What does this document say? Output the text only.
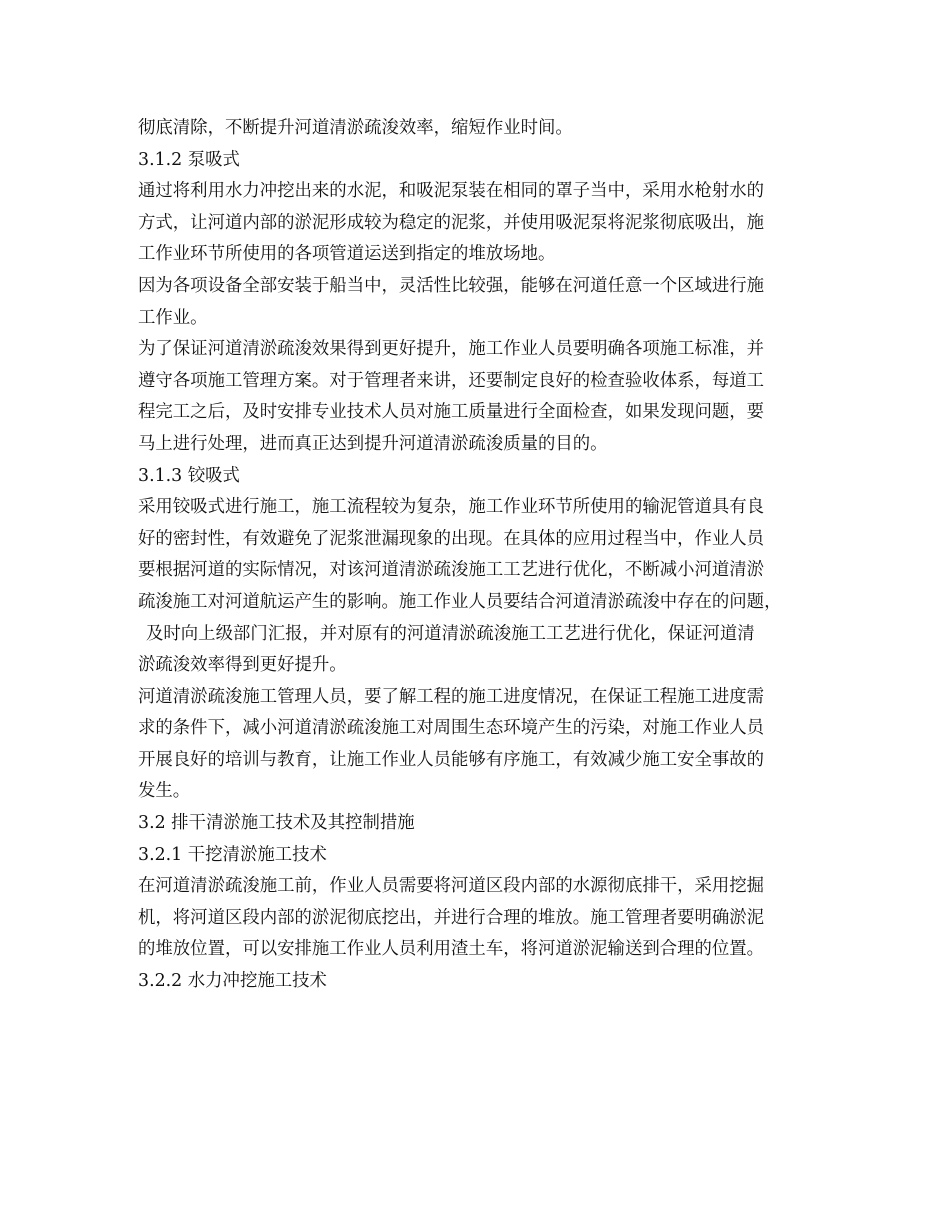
彻底清除，不断提升河道清淤疏浚效率，缩短作业时间。
3.1.2 泵吸式
通过将利用水力冲挖出来的水泥，和吸泥泵装在相同的罩子当中，采用水枪射水的
方式，让河道内部的淤泥形成较为稳定的泥浆，并使用吸泥泵将泥浆彻底吸出，施
工作业环节所使用的各项管道运送到指定的堆放场地。
因为各项设备全部安装于船当中，灵活性比较强，能够在河道任意一个区域进行施
工作业。
为了保证河道清淤疏浚效果得到更好提升，施工作业人员要明确各项施工标准，并
遵守各项施工管理方案。对于管理者来讲，还要制定良好的检查验收体系，每道工
程完工之后，及时安排专业技术人员对施工质量进行全面检查，如果发现问题，要
马上进行处理，进而真正达到提升河道清淤疏浚质量的目的。
3.1.3 铰吸式
采用铰吸式进行施工，施工流程较为复杂，施工作业环节所使用的输泥管道具有良
好的密封性，有效避免了泥浆泄漏现象的出现。在具体的应用过程当中，作业人员
要根据河道的实际情况，对该河道清淤疏浚施工工艺进行优化，不断减小河道清淤
疏浚施工对河道航运产生的影响。施工作业人员要结合河道清淤疏浚中存在的问题，
及时向上级部门汇报，并对原有的河道清淤疏浚施工工艺进行优化，保证河道清
淤疏浚效率得到更好提升。
河道清淤疏浚施工管理人员，要了解工程的施工进度情况，在保证工程施工进度需
求的条件下，减小河道清淤疏浚施工对周围生态环境产生的污染，对施工作业人员
开展良好的培训与教育，让施工作业人员能够有序施工，有效减少施工安全事故的
发生。
3.2 排干清淤施工技术及其控制措施
3.2.1 干挖清淤施工技术
在河道清淤疏浚施工前，作业人员需要将河道区段内部的水源彻底排干，采用挖掘
机，将河道区段内部的淤泥彻底挖出，并进行合理的堆放。施工管理者要明确淤泥
的堆放位置，可以安排施工作业人员利用渣土车，将河道淤泥输送到合理的位置。
3.2.2 水力冲挖施工技术
